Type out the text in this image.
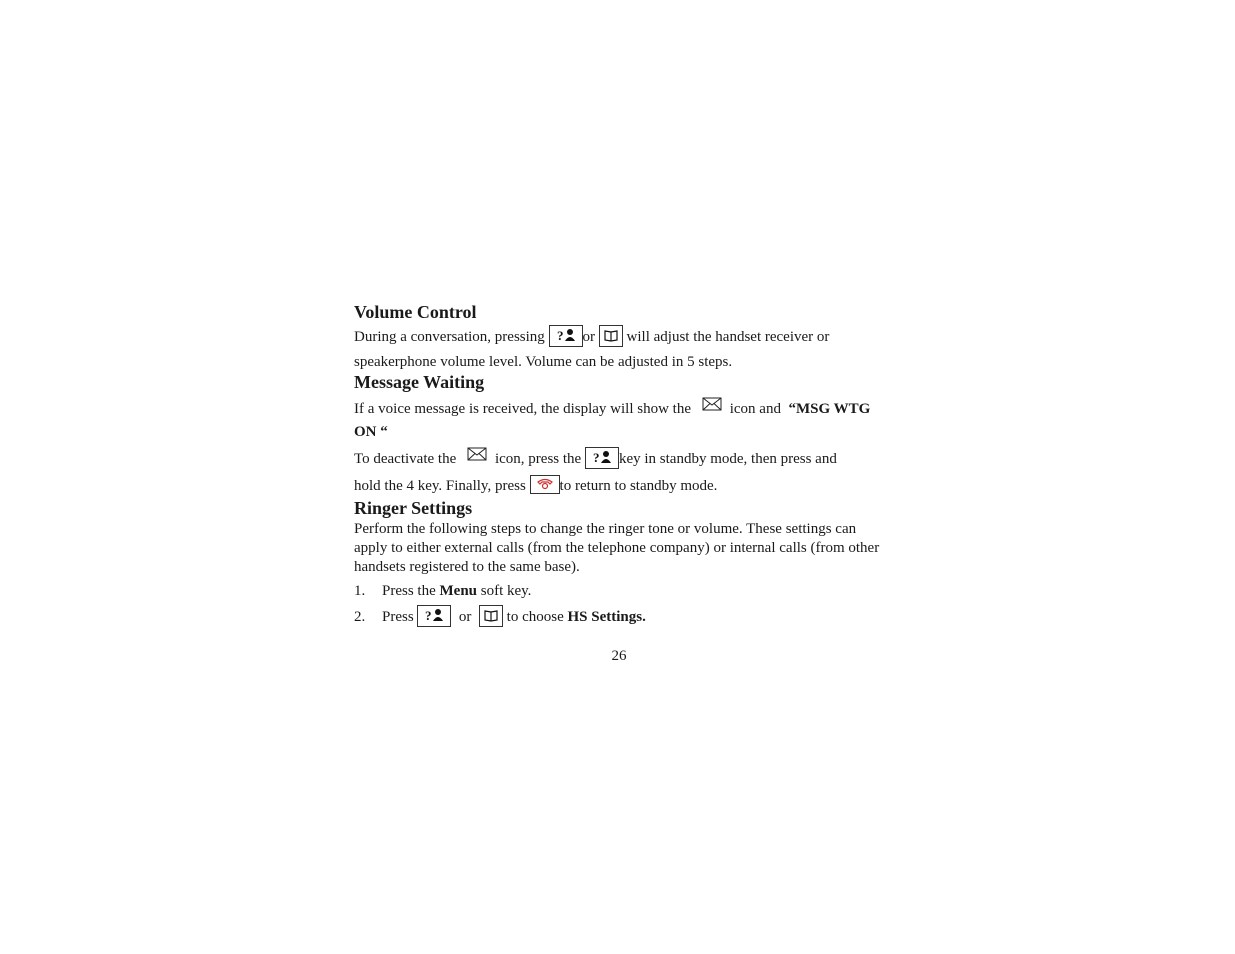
Volume Control
During a conversation, pressing ? or will adjust the handset receiver or
speakerphone volume level. Volume can be adjusted in 5 steps.
Message Waiting
If a voice message is received, the display will show the	icon and “MSG WTG
ON “
To deactivate the	icon, press the ? key in standby mode, then press and
hold the 4 key. Finally, press to return to standby mode.
Ringer Settings
Perform the following steps to change the ringer tone or volume. These settings can apply to either external calls (from the telephone company) or internal calls (from other handsets registered to the same base).
1.	Press the Menu soft key.
2.	Press ? or to choose HS Settings.
26
